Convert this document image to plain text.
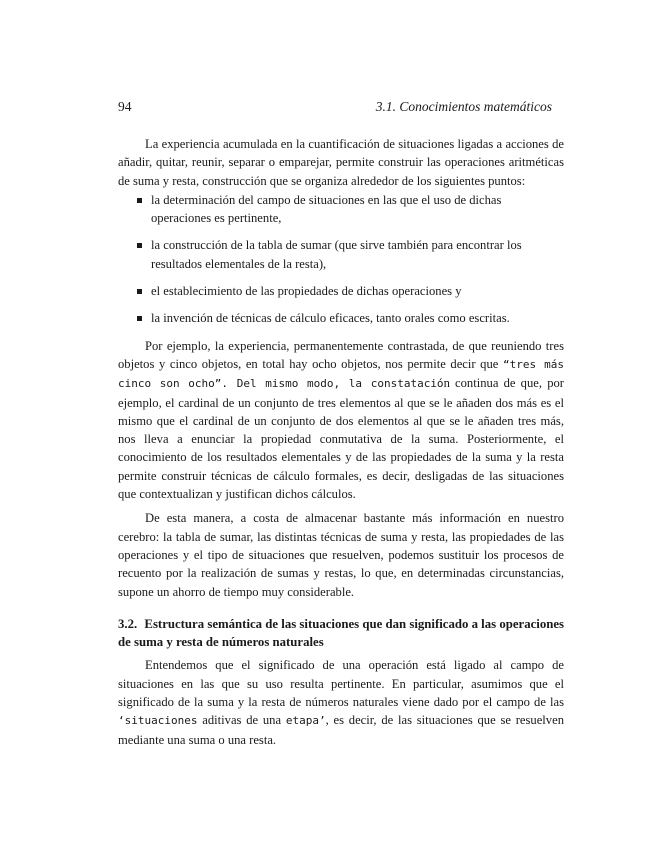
94	3.1. Conocimientos matemáticos

La experiencia acumulada en la cuantificación de situaciones ligadas a acciones de añadir, quitar, reunir, separar o emparejar, permite construir las operaciones aritméticas de suma y resta, construcción que se organiza alrededor de los siguientes puntos:

la determinación del campo de situaciones en las que el uso de dichas operaciones es pertinente,
la construcción de la tabla de sumar (que sirve también para encontrar los resultados elementales de la resta),
el establecimiento de las propiedades de dichas operaciones y
la invención de técnicas de cálculo eficaces, tanto orales como escritas.

Por ejemplo, la experiencia, permanentemente contrastada, de que reuniendo tres objetos y cinco objetos, en total hay ocho objetos, nos permite decir que “tres más cinco son ocho”. Del mismo modo, la constatación continua de que, por ejemplo, el cardinal de un conjunto de tres elementos al que se le añaden dos más es el mismo que el cardinal de un conjunto de dos elementos al que se le añaden tres más, nos lleva a enunciar la propiedad conmutativa de la suma. Posteriormente, el conocimiento de los resultados elementales y de las propiedades de la suma y la resta permite construir técnicas de cálculo formales, es decir, desligadas de las situaciones que contextualizan y justifican dichos cálculos.

De esta manera, a costa de almacenar bastante más información en nuestro cerebro: la tabla de sumar, las distintas técnicas de suma y resta, las propiedades de las operaciones y el tipo de situaciones que resuelven, podemos sustituir los procesos de recuento por la realización de sumas y restas, lo que, en determinadas circunstancias, supone un ahorro de tiempo muy considerable.

3.2. Estructura semántica de las situaciones que dan significado a las operaciones de suma y resta de números naturales

Entendemos que el significado de una operación está ligado al campo de situaciones en las que su uso resulta pertinente. En particular, asumimos que el significado de la suma y la resta de números naturales viene dado por el campo de las ‘situaciones aditivas de una etapa’, es decir, de las situaciones que se resuelven mediante una suma o una resta.
